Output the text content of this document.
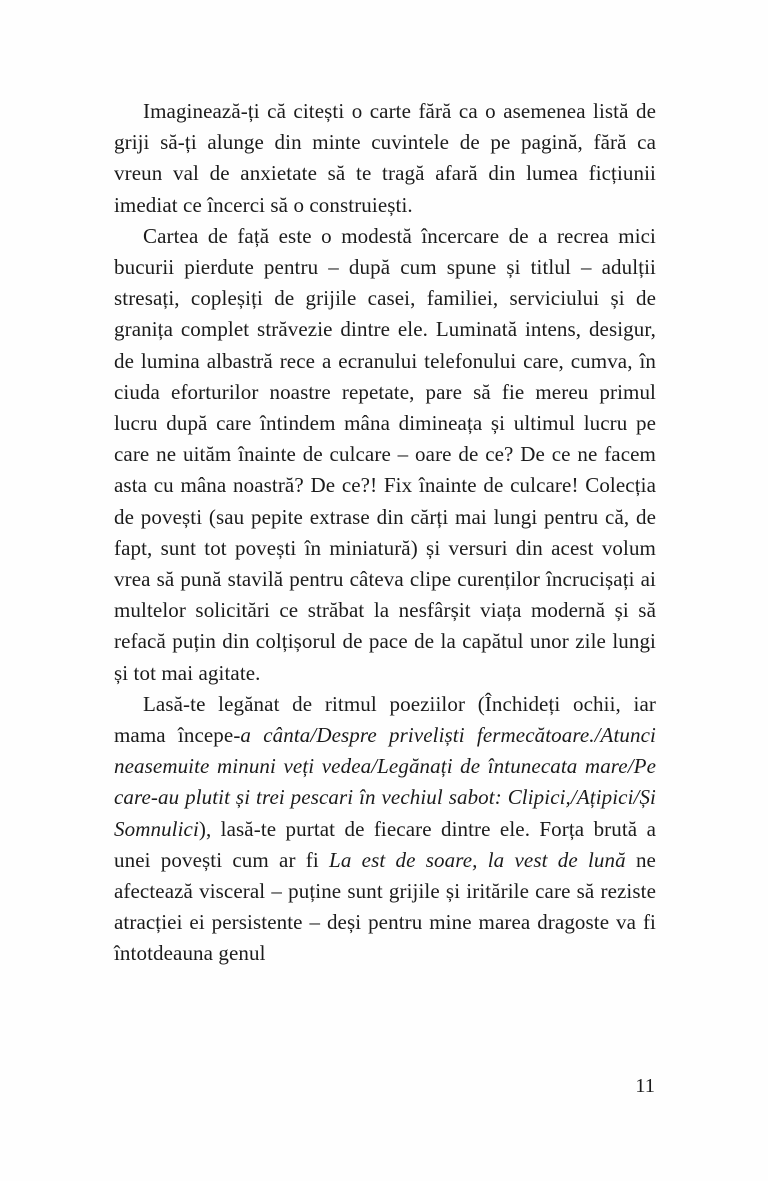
Imaginează-ți că citești o carte fără ca o asemenea listă de griji să-ți alunge din minte cuvintele de pe pagină, fără ca vreun val de anxietate să te tragă afară din lumea ficțiunii imediat ce încerci să o construiești.

Cartea de față este o modestă încercare de a recrea mici bucurii pierdute pentru – după cum spune și titlul – adulții stresați, copleșiți de grijile casei, familiei, serviciului și de granița complet străvezie dintre ele. Luminată intens, desigur, de lumina albastră rece a ecranului telefonului care, cumva, în ciuda eforturilor noastre repetate, pare să fie mereu primul lucru după care întindem mâna dimineața și ultimul lucru pe care ne uităm înainte de culcare – oare de ce? De ce ne facem asta cu mâna noastră? De ce?! Fix înainte de culcare! Colecția de povești (sau pepite extrase din cărți mai lungi pentru că, de fapt, sunt tot povești în miniatură) și versuri din acest volum vrea să pună stavilă pentru câteva clipe curenților încrucișați ai multelor solicitări ce străbat la nesfârșit viața modernă și să refacă puțin din colțișorul de pace de la capătul unor zile lungi și tot mai agitate.

Lasă-te legănat de ritmul poeziilor (Închideți ochii, iar mama începe-a cânta/Despre priveliști fermecătoare./Atunci neasemuite minuni veți vedea/Legănați de întunecata mare/Pe care-au plutit și trei pescari în vechiul sabot: Clipici,/Ațipici/Și Somnulici), lasă-te purtat de fiecare dintre ele. Forța brută a unei povești cum ar fi La est de soare, la vest de lună ne afectează visceral – puține sunt grijile și iritările care să reziste atracției ei persistente – deși pentru mine marea dragoste va fi întotdeauna genul

11
